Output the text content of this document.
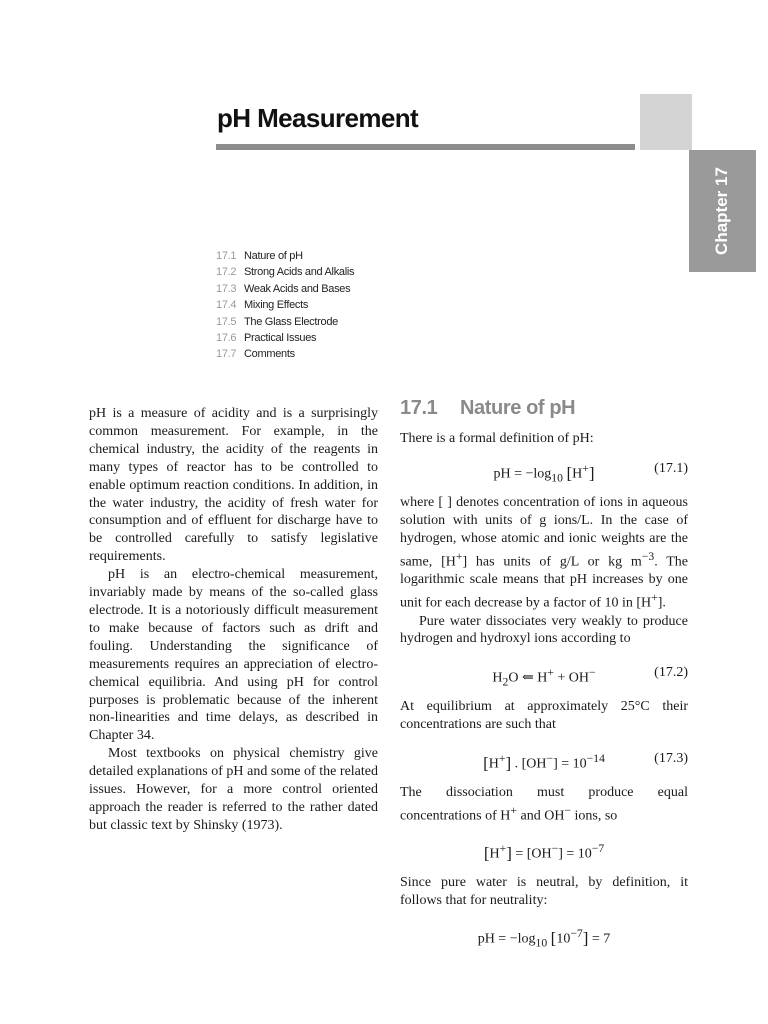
pH Measurement
Chapter 17
17.1 Nature of pH
17.2 Strong Acids and Alkalis
17.3 Weak Acids and Bases
17.4 Mixing Effects
17.5 The Glass Electrode
17.6 Practical Issues
17.7 Comments

pH is a measure of acidity and is a surprisingly common measurement. For example, in the chemical industry, the acidity of the reagents in many types of reactor has to be controlled to enable optimum reaction conditions. In addition, in the water industry, the acidity of fresh water for consumption and of effluent for discharge have to be controlled carefully to satisfy legislative requirements.

pH is an electro-chemical measurement, invariably made by means of the so-called glass electrode. It is a notoriously difficult measurement to make because of factors such as drift and fouling. Understanding the significance of measurements requires an appreciation of electro-chemical equilibria. And using pH for control purposes is problematic because of the inherent non-linearities and time delays, as described in Chapter 34.

Most textbooks on physical chemistry give detailed explanations of pH and some of the related issues. However, for a more control oriented approach the reader is referred to the rather dated but classic text by Shinsky (1973).

17.1 Nature of pH

There is a formal definition of pH:

pH = $-\log_{10}$ [H+]	(17.1)

where [ ] denotes concentration of ions in aqueous solution with units of g ions/L. In the case of hydrogen, whose atomic and ionic weights are the same, [H+] has units of g/L or kg $m^{-3}$. The logarithmic scale means that pH increases by one unit for each decrease by a factor of 10 in [H+].

Pure water dissociates very weakly to produce hydrogen and hydroxyl ions according to

$H_2O$ ⇐ H+ + OH−	(17.2)

At equilibrium at approximately 25°C their concentrations are such that

[H+] . $[OH^-] = 10^{-14}$	(17.3)

The dissociation must produce equal concentrations of H+ and OH− ions, so

$[H^+] = [OH^-] = 10^{-7}$

Since pure water is neutral, by definition, it follows that for neutrality:

pH = $-\log_{10}$ $[10^{-7}] = 7$
